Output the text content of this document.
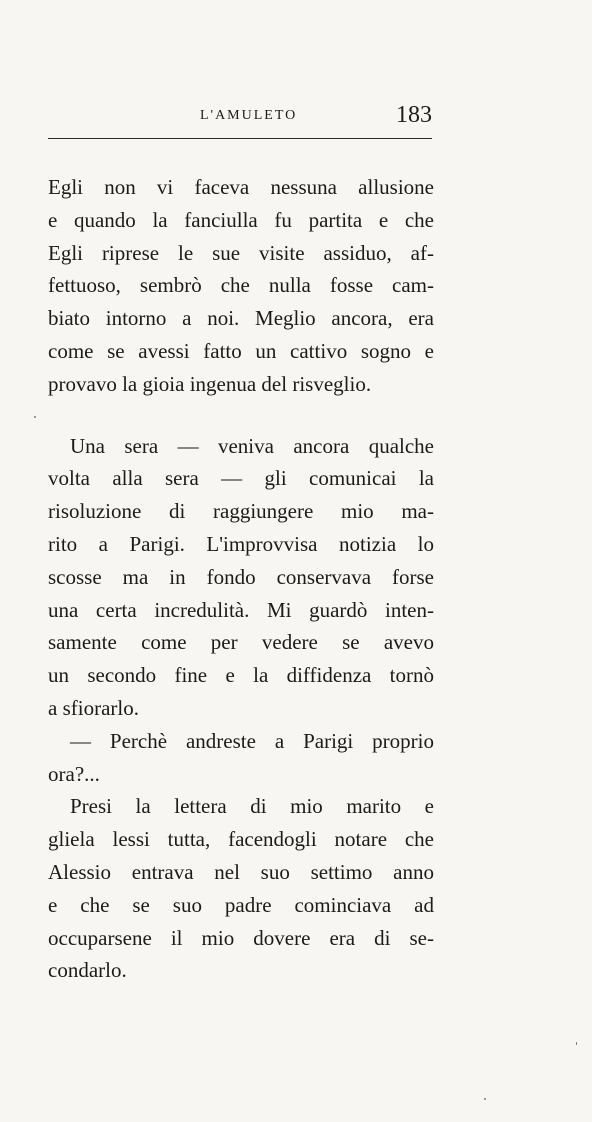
L'AMULETO	183
Egli non vi faceva nessuna allusione
e quando la fanciulla fu partita e che
Egli riprese le sue visite assiduo, af-
fettuoso, sembrò che nulla fosse cam-
biato intorno a noi. Meglio ancora, era
come se avessi fatto un cattivo sogno e
provavo la gioia ingenua del risveglio.
Una sera — veniva ancora qualche
volta alla sera — gli comunicai la
risoluzione di raggiungere mio ma-
rito a Parigi. L'improvvisa notizia lo
scosse ma in fondo conservava forse
una certa incredulità. Mi guardò inten-
samente come per vedere se avevo
un secondo fine e la diffidenza tornò
a sfiorarlo.
— Perchè andreste a Parigi proprio
ora?...
Presi la lettera di mio marito e
gliela lessi tutta, facendogli notare che
Alessio entrava nel suo settimo anno
e che se suo padre cominciava ad
occuparsene il mio dovere era di se-
condarlo.
